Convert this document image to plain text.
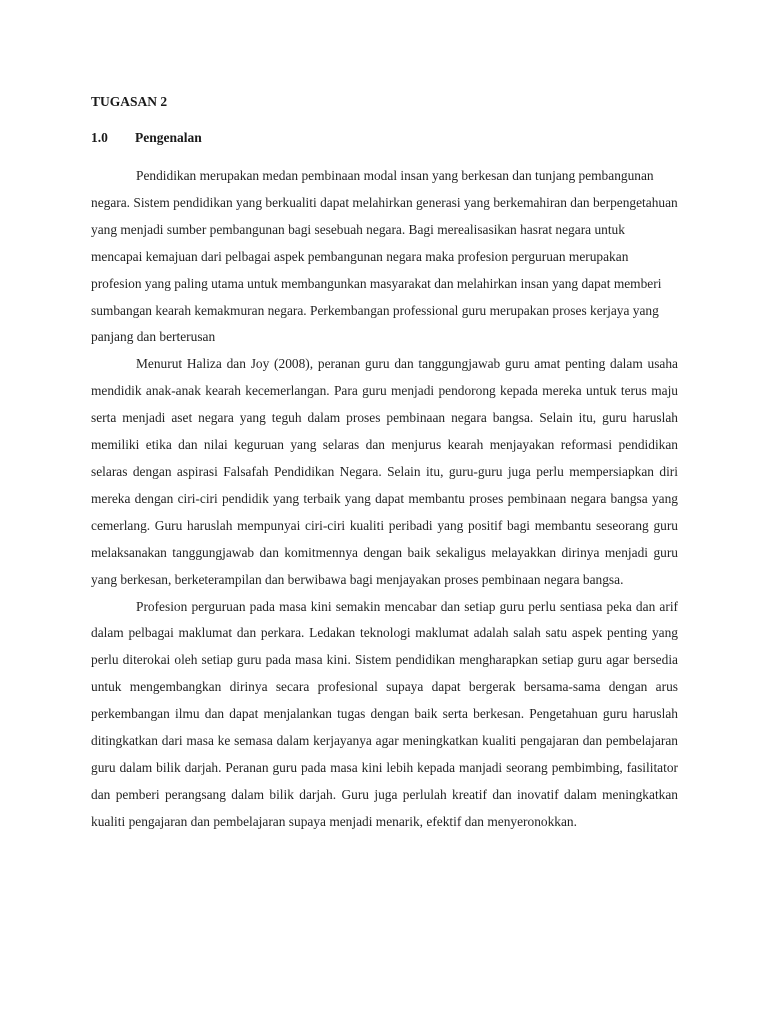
TUGASAN 2
1.0 Pengenalan

Pendidikan merupakan medan pembinaan modal insan yang berkesan dan tunjang pembangunan negara. Sistem pendidikan yang berkualiti dapat melahirkan generasi yang berkemahiran dan berpengetahuan yang menjadi sumber pembangunan bagi sesebuah negara. Bagi merealisasikan hasrat negara untuk mencapai kemajuan dari pelbagai aspek pembangunan negara maka profesion perguruan merupakan profesion yang paling utama untuk membangunkan masyarakat dan melahirkan insan yang dapat memberi sumbangan kearah kemakmuran negara. Perkembangan professional guru merupakan proses kerjaya yang panjang dan berterusan

Menurut Haliza dan Joy (2008), peranan guru dan tanggungjawab guru amat penting dalam usaha mendidik anak-anak kearah kecemerlangan. Para guru menjadi pendorong kepada mereka untuk terus maju serta menjadi aset negara yang teguh dalam proses pembinaan negara bangsa. Selain itu, guru haruslah memiliki etika dan nilai keguruan yang selaras dan menjurus kearah menjayakan reformasi pendidikan selaras dengan aspirasi Falsafah Pendidikan Negara. Selain itu, guru-guru juga perlu mempersiapkan diri mereka dengan ciri-ciri pendidik yang terbaik yang dapat membantu proses pembinaan negara bangsa yang cemerlang. Guru haruslah mempunyai ciri-ciri kualiti peribadi yang positif bagi membantu seseorang guru melaksanakan tanggungjawab dan komitmennya dengan baik sekaligus melayakkan dirinya menjadi guru yang berkesan, berketerampilan dan berwibawa bagi menjayakan proses pembinaan negara bangsa.

Profesion perguruan pada masa kini semakin mencabar dan setiap guru perlu sentiasa peka dan arif dalam pelbagai maklumat dan perkara. Ledakan teknologi maklumat adalah salah satu aspek penting yang perlu diterokai oleh setiap guru pada masa kini. Sistem pendidikan mengharapkan setiap guru agar bersedia untuk mengembangkan dirinya secara profesional supaya dapat bergerak bersama-sama dengan arus perkembangan ilmu dan dapat menjalankan tugas dengan baik serta berkesan. Pengetahuan guru haruslah ditingkatkan dari masa ke semasa dalam kerjayanya agar meningkatkan kualiti pengajaran dan pembelajaran guru dalam bilik darjah. Peranan guru pada masa kini lebih kepada manjadi seorang pembimbing, fasilitator dan pemberi perangsang dalam bilik darjah. Guru juga perlulah kreatif dan inovatif dalam meningkatkan kualiti pengajaran dan pembelajaran supaya menjadi menarik, efektif dan menyeronokkan.
